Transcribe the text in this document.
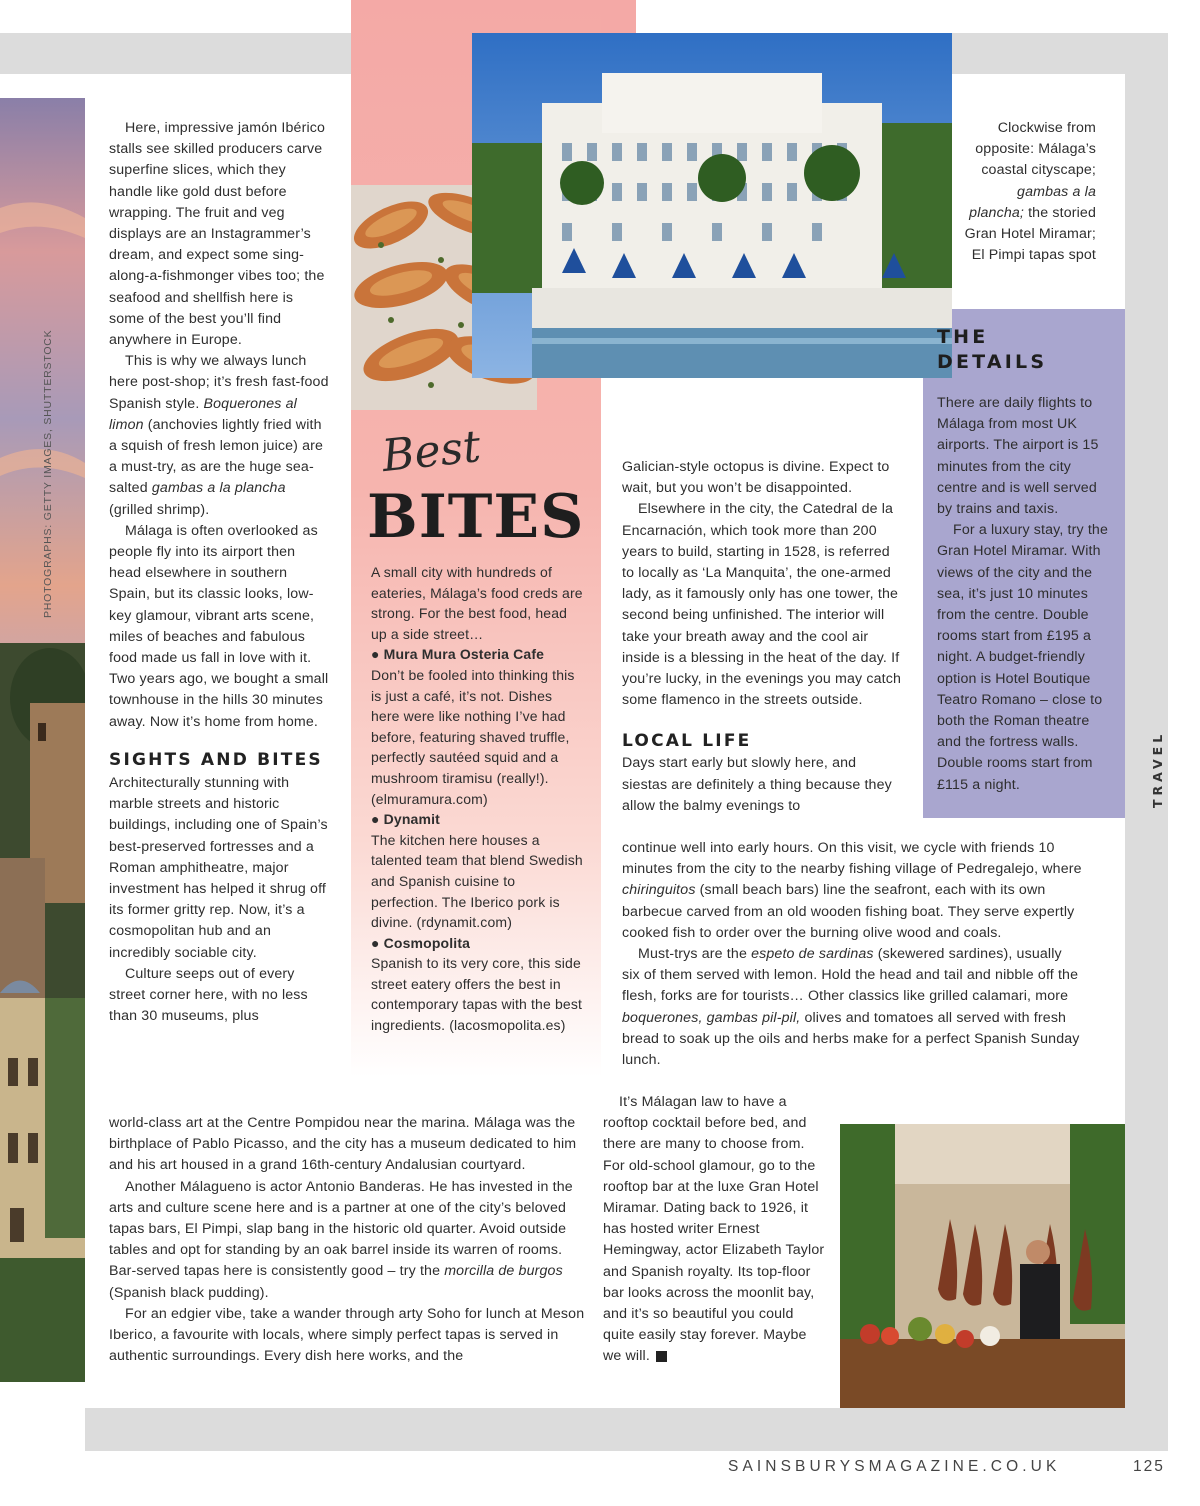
PHOTOGRAPHS: GETTY IMAGES, SHUTTERSTOCK

Here, impressive jamón Ibérico stalls see skilled producers carve superfine slices, which they handle like gold dust before wrapping. The fruit and veg displays are an Instagrammer’s dream, and expect some sing-along-a-fishmonger vibes too; the seafood and shellfish here is some of the best you’ll find anywhere in Europe.

This is why we always lunch here post-shop; it’s fresh fast-food Spanish style. Boquerones al limon (anchovies lightly fried with a squish of fresh lemon juice) are a must-try, as are the huge sea-salted gambas a la plancha (grilled shrimp).

Málaga is often overlooked as people fly into its airport then head elsewhere in southern Spain, but its classic looks, low-key glamour, vibrant arts scene, miles of beaches and fabulous food made us fall in love with it. Two years ago, we bought a small townhouse in the hills 30 minutes away. Now it’s home from home.

SIGHTS AND BITES

Architecturally stunning with marble streets and historic buildings, including one of Spain’s best-preserved fortresses and a Roman amphitheatre, major investment has helped it shrug off its former gritty rep. Now, it’s a cosmopolitan hub and an incredibly sociable city.

Culture seeps out of every street corner here, with no less than 30 museums, plus

world-class art at the Centre Pompidou near the marina. Málaga was the birthplace of Pablo Picasso, and the city has a museum dedicated to him and his art housed in a grand 16th-century Andalusian courtyard.

Another Málagueno is actor Antonio Banderas. He has invested in the arts and culture scene here and is a partner at one of the city’s beloved tapas bars, El Pimpi, slap bang in the historic old quarter. Avoid outside tables and opt for standing by an oak barrel inside its warren of rooms. Bar-served tapas here is consistently good – try the morcilla de burgos (Spanish black pudding).

For an edgier vibe, take a wander through arty Soho for lunch at Meson Iberico, a favourite with locals, where simply perfect tapas is served in authentic surroundings. Every dish here works, and the

Best
BITES

A small city with hundreds of eateries, Málaga’s food creds are strong. For the best food, head up a side street…

● Mura Mura Osteria Cafe

Don’t be fooled into thinking this is just a café, it’s not. Dishes here were like nothing I’ve had before, featuring shaved truffle, perfectly sautéed squid and a mushroom tiramisu (really!). (elmuramura.com)

● Dynamit

The kitchen here houses a talented team that blend Swedish and Spanish cuisine to perfection. The Iberico pork is divine. (rdynamit.com)

● Cosmopolita

Spanish to its very core, this side street eatery offers the best in contemporary tapas with the best ingredients. (lacosmopolita.es)

Galician-style octopus is divine. Expect to wait, but you won’t be disappointed.

Elsewhere in the city, the Catedral de la Encarnación, which took more than 200 years to build, starting in 1528, is referred to locally as ‘La Manquita’, the one-armed lady, as it famously only has one tower, the second being unfinished. The interior will take your breath away and the cool air inside is a blessing in the heat of the day. If you’re lucky, in the evenings you may catch some flamenco in the streets outside.

LOCAL LIFE

Days start early but slowly here, and siestas are definitely a thing because they allow the balmy evenings to

continue well into early hours. On this visit, we cycle with friends 10 minutes from the city to the nearby fishing village of Pedregalejo, where chiringuitos (small beach bars) line the seafront, each with its own barbecue carved from an old wooden fishing boat. They serve expertly cooked fish to order over the burning olive wood and coals.

Must-trys are the espeto de sardinas (skewered sardines), usually six of them served with lemon. Hold the head and tail and nibble off the flesh, forks are for tourists… Other classics like grilled calamari, more boquerones, gambas pil-pil, olives and tomatoes all served with fresh bread to soak up the oils and herbs make for a perfect Spanish Sunday lunch.

It’s Málagan law to have a rooftop cocktail before bed, and there are many to choose from. For old-school glamour, go to the rooftop bar at the luxe Gran Hotel Miramar. Dating back to 1926, it has hosted writer Ernest Hemingway, actor Elizabeth Taylor and Spanish royalty. Its top-floor bar looks across the moonlit bay, and it’s so beautiful you could quite easily stay forever. Maybe we will.

Clockwise from opposite: Málaga’s coastal cityscape; gambas a la plancha; the storied Gran Hotel Miramar; El Pimpi tapas spot
THE
DETAILS

There are daily flights to Málaga from most UK airports. The airport is 15 minutes from the city centre and is well served by trains and taxis.

For a luxury stay, try the Gran Hotel Miramar. With views of the city and the sea, it’s just 10 minutes from the centre. Double rooms start from £195 a night. A budget-friendly option is Hotel Boutique Teatro Romano – close to both the Roman theatre and the fortress walls. Double rooms start from £115 a night.	TRAVEL
SAINSBURYSMAGAZINE.CO.UK	125
